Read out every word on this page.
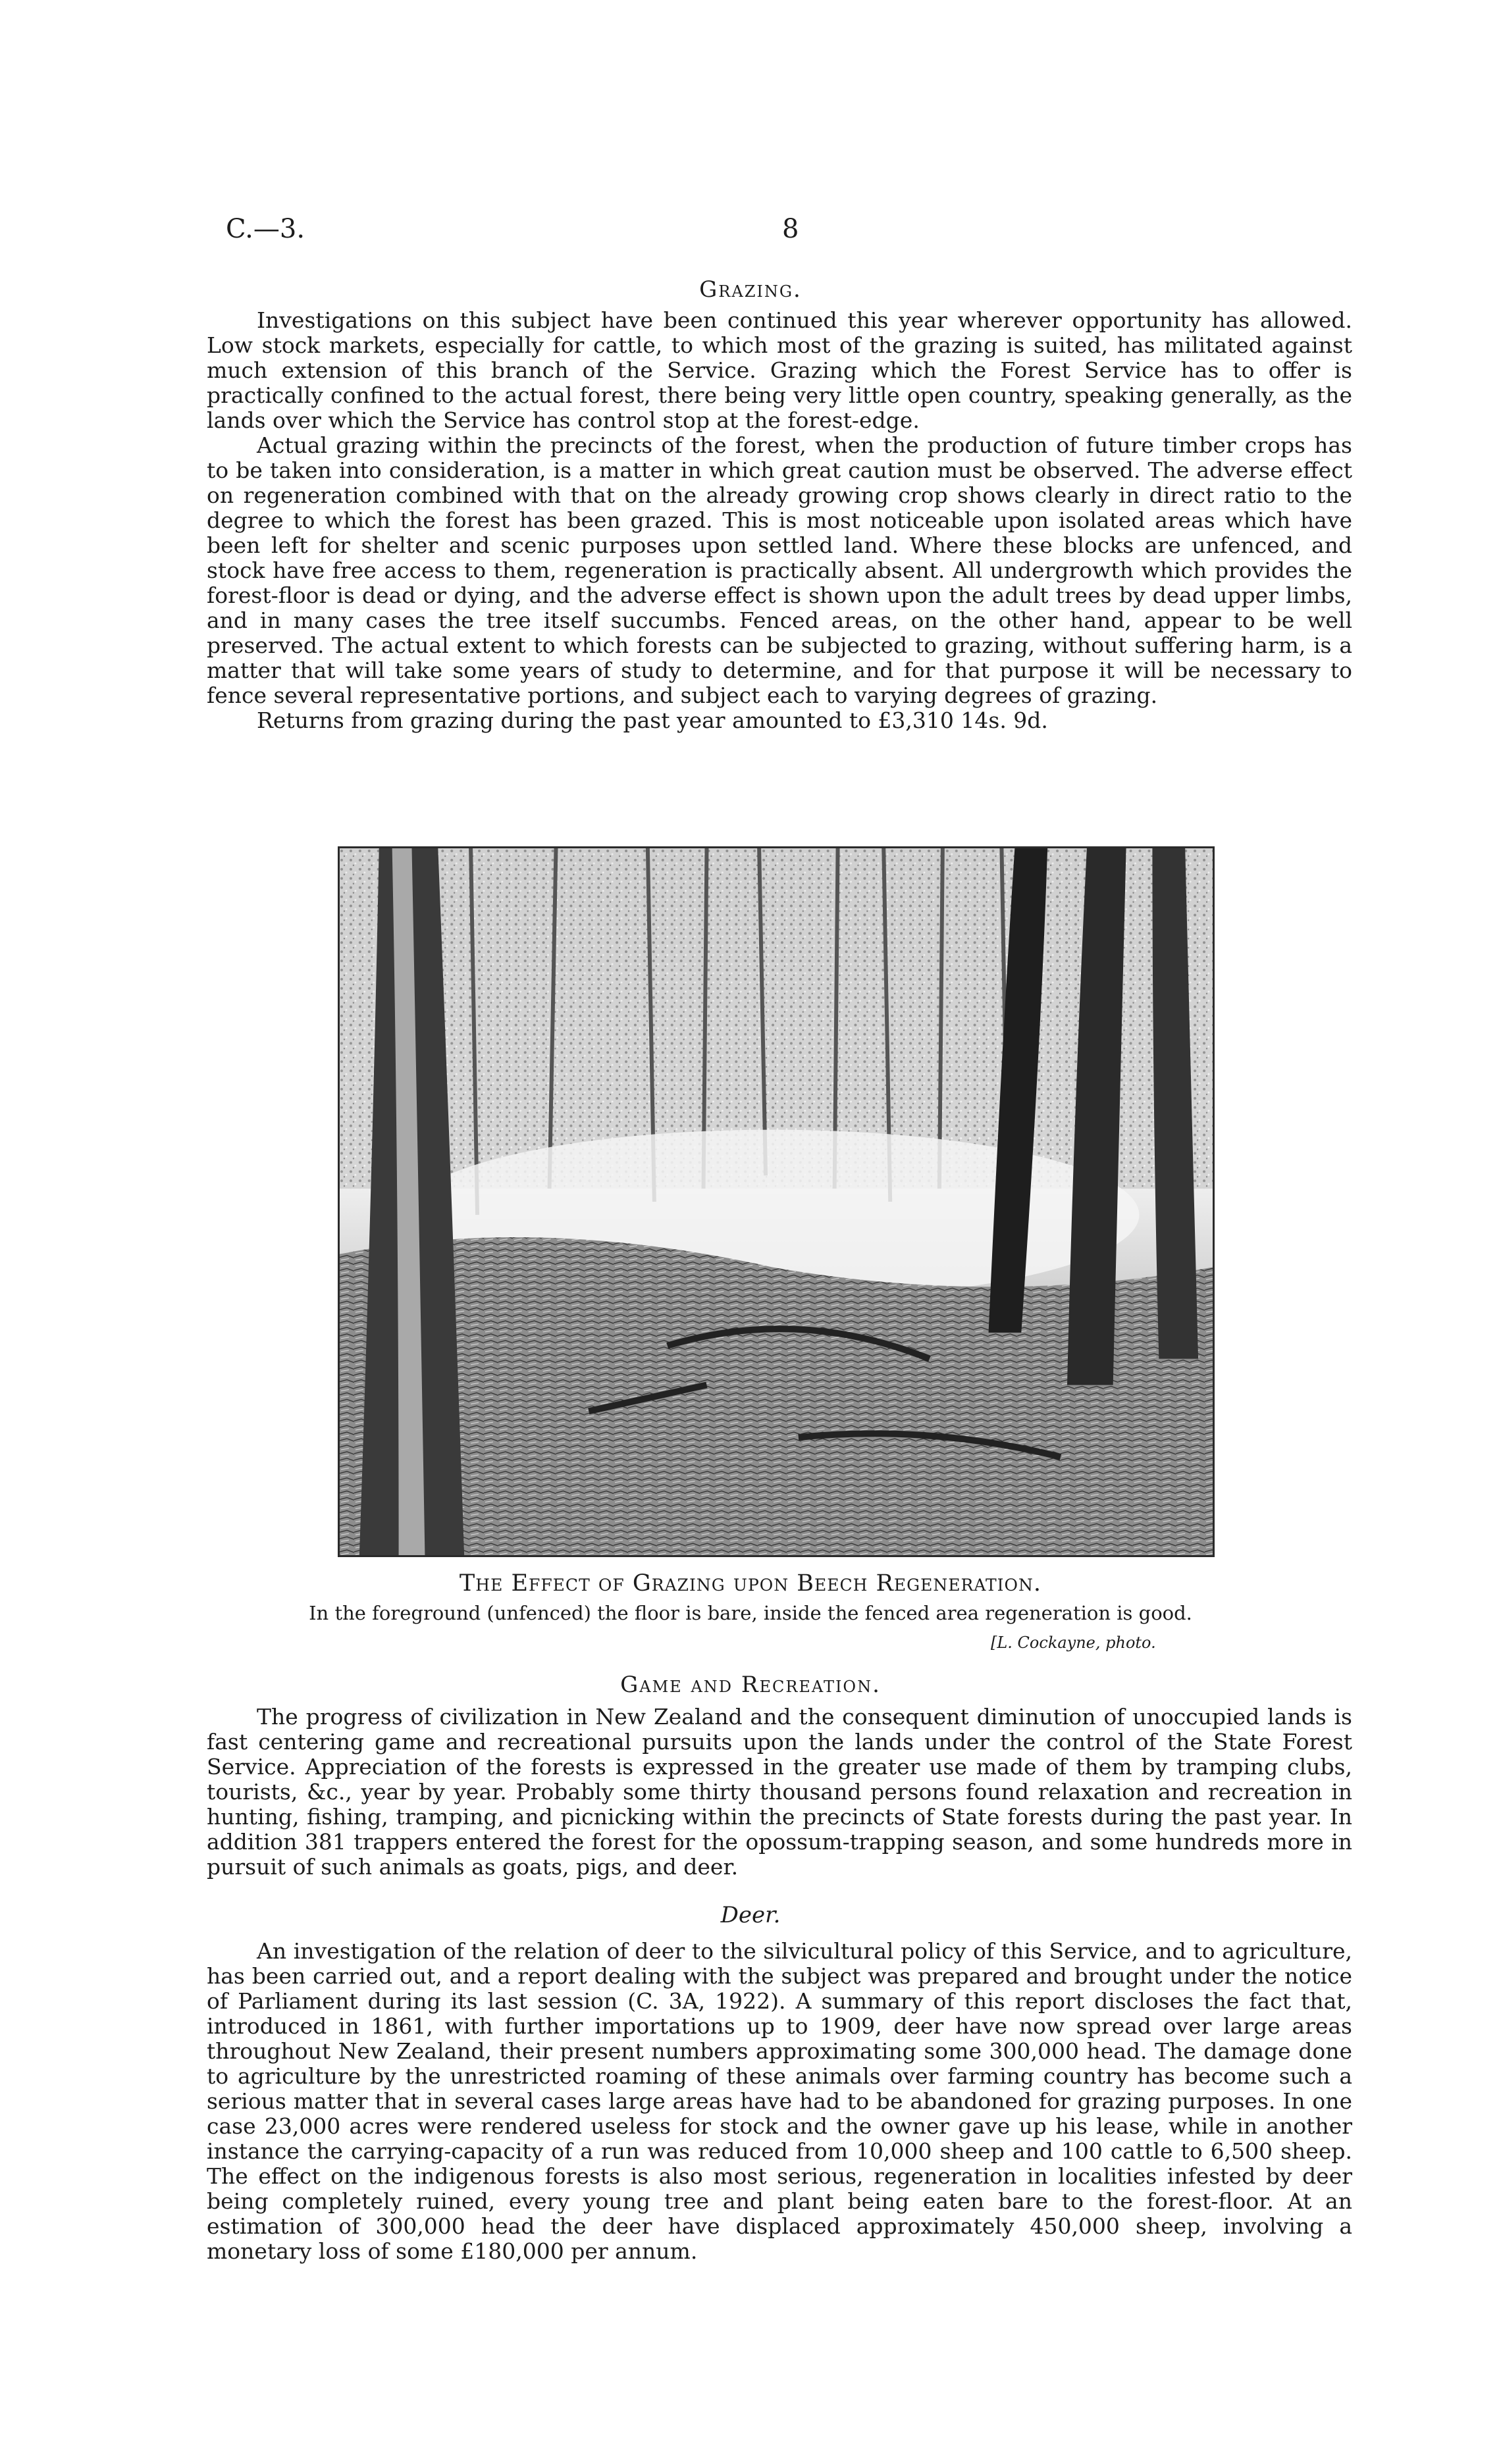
C.—3.	8
Grazing.

Investigations on this subject have been continued this year wherever opportunity has allowed. Low stock markets, especially for cattle, to which most of the grazing is suited, has militated against much extension of this branch of the Service. Grazing which the Forest Service has to offer is practically confined to the actual forest, there being very little open country, speaking generally, as the lands over which the Service has control stop at the forest-edge.

Actual grazing within the precincts of the forest, when the production of future timber crops has to be taken into consideration, is a matter in which great caution must be observed. The adverse effect on regeneration combined with that on the already growing crop shows clearly in direct ratio to the degree to which the forest has been grazed. This is most noticeable upon isolated areas which have been left for shelter and scenic purposes upon settled land. Where these blocks are unfenced, and stock have free access to them, regeneration is practically absent. All undergrowth which provides the forest-floor is dead or dying, and the adverse effect is shown upon the adult trees by dead upper limbs, and in many cases the tree itself succumbs. Fenced areas, on the other hand, appear to be well preserved. The actual extent to which forests can be subjected to grazing, without suffering harm, is a matter that will take some years of study to determine, and for that purpose it will be necessary to fence several representative portions, and subject each to varying degrees of grazing.

Returns from grazing during the past year amounted to £3,310 14s. 9d.

The Effect of Grazing upon Beech Regeneration.
In the foreground (unfenced) the floor is bare, inside the fenced area regeneration is good.
[L. Cockayne, photo.
Game and Recreation.

The progress of civilization in New Zealand and the consequent diminution of unoccupied lands is fast centering game and recreational pursuits upon the lands under the control of the State Forest Service. Appreciation of the forests is expressed in the greater use made of them by tramping clubs, tourists, &c., year by year. Probably some thirty thousand persons found relaxation and recreation in hunting, fishing, tramping, and picnicking within the precincts of State forests during the past year. In addition 381 trappers entered the forest for the opossum-trapping season, and some hundreds more in pursuit of such animals as goats, pigs, and deer.

Deer.

An investigation of the relation of deer to the silvicultural policy of this Service, and to agriculture, has been carried out, and a report dealing with the subject was prepared and brought under the notice of Parliament during its last session (C. 3A, 1922). A summary of this report discloses the fact that, introduced in 1861, with further importations up to 1909, deer have now spread over large areas throughout New Zealand, their present numbers approximating some 300,000 head. The damage done to agriculture by the unrestricted roaming of these animals over farming country has become such a serious matter that in several cases large areas have had to be abandoned for grazing purposes. In one case 23,000 acres were rendered useless for stock and the owner gave up his lease, while in another instance the carrying-capacity of a run was reduced from 10,000 sheep and 100 cattle to 6,500 sheep. The effect on the indigenous forests is also most serious, regeneration in localities infested by deer being completely ruined, every young tree and plant being eaten bare to the forest-floor. At an estimation of 300,000 head the deer have displaced approximately 450,000 sheep, involving a monetary loss of some £180,000 per annum.
